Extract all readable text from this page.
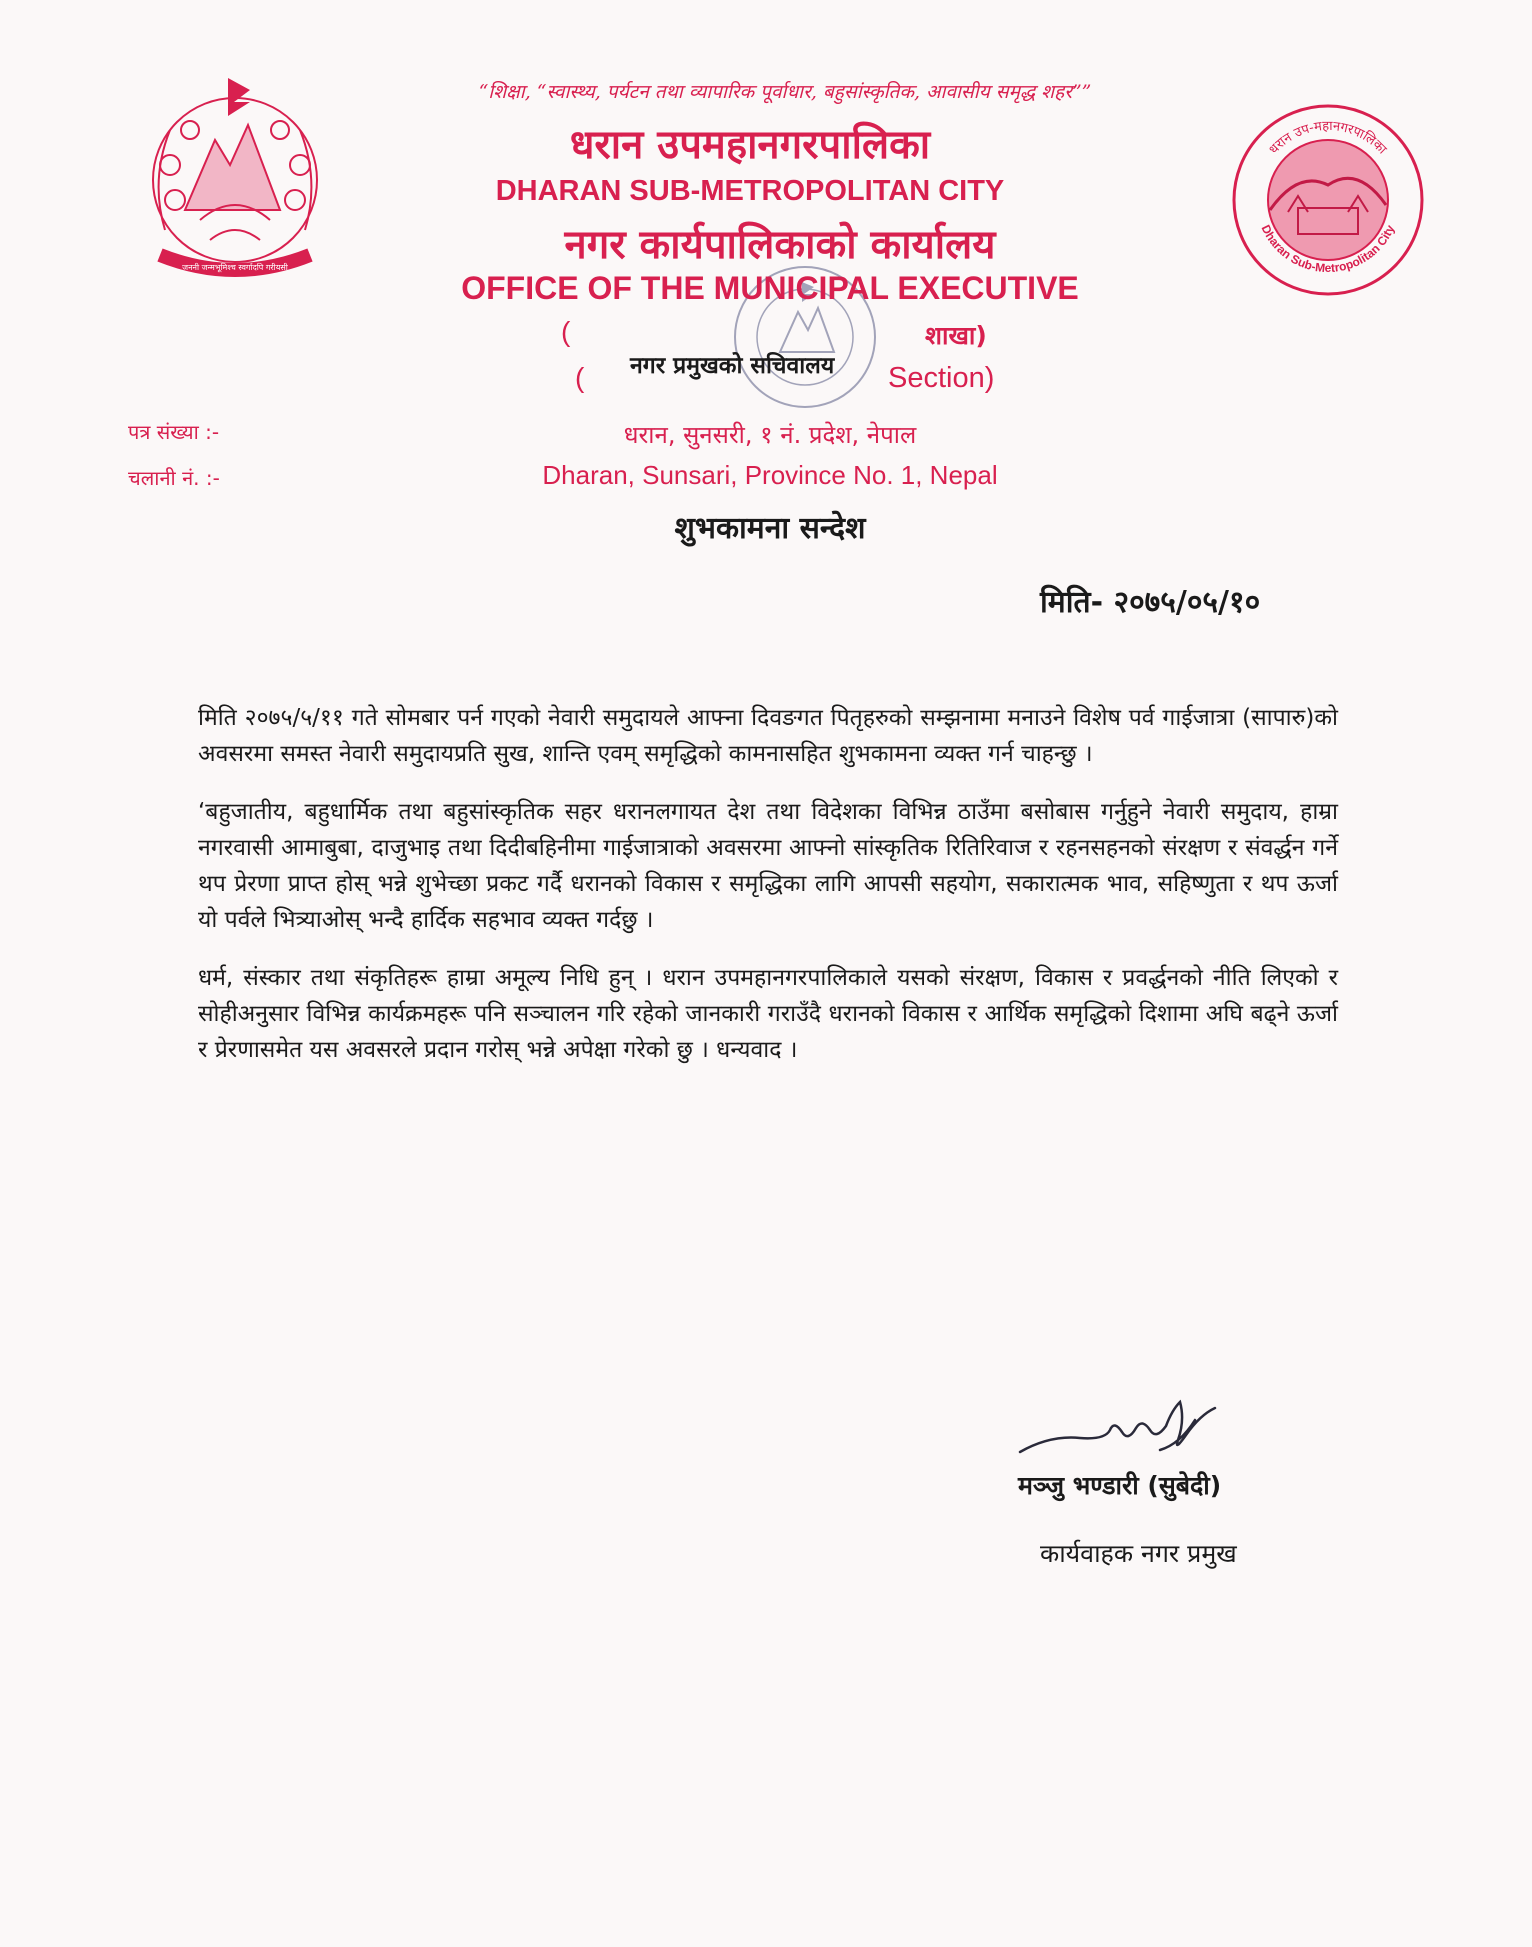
जननी जन्मभूमिश्च स्वर्गादपि गरीयसी
धरान उप-महानगरपालिका
Dharan Sub-Metropolitan City
“शिक्षा, “स्वास्थ्य, पर्यटन तथा व्यापारिक पूर्वाधार, बहुसांस्कृतिक, आवासीय समृद्ध शहर””
धरान उपमहानगरपालिका
DHARAN SUB-METROPOLITAN CITY
नगर कार्यपालिकाको कार्यालय
OFFICE OF THE MUNICIPAL EXECUTIVE
(	शाखा)
( नगर प्रमुखको सचिवालय Section)
पत्र संख्या :-
चलानी नं. :-
धरान, सुनसरी, १ नं. प्रदेश, नेपाल
Dharan, Sunsari, Province No. 1, Nepal
शुभकामना सन्देश
मिति- २०७५/०५/१०

मिति २०७५/५/११ गते सोमबार पर्न गएको नेवारी समुदायले आफ्ना दिवङगत पितृहरुको सम्झनामा मनाउने विशेष पर्व गाईजात्रा (सापारु)को अवसरमा समस्त नेवारी समुदायप्रति सुख, शान्ति एवम् समृद्धिको कामनासहित शुभकामना व्यक्त गर्न चाहन्छु ।

‘बहुजातीय, बहुधार्मिक तथा बहुसांस्कृतिक सहर धरानलगायत देश तथा विदेशका विभिन्न ठाउँमा बसोबास गर्नुहुने नेवारी समुदाय, हाम्रा नगरवासी आमाबुबा, दाजुभाइ तथा दिदीबहिनीमा गाईजात्राको अवसरमा आफ्नो सांस्कृतिक रितिरिवाज र रहनसहनको संरक्षण र संवर्द्धन गर्ने थप प्रेरणा प्राप्त होस् भन्ने शुभेच्छा प्रकट गर्दै धरानको विकास र समृद्धिका लागि आपसी सहयोग, सकारात्मक भाव, सहिष्णुता र थप ऊर्जा यो पर्वले भित्र्याओस् भन्दै हार्दिक सहभाव व्यक्त गर्दछु ।

धर्म, संस्कार तथा संकृतिहरू हाम्रा अमूल्य निधि हुन् । धरान उपमहानगरपालिकाले यसको संरक्षण, विकास र प्रवर्द्धनको नीति लिएको र सोहीअनुसार विभिन्न कार्यक्रमहरू पनि सञ्चालन गरि रहेको जानकारी गराउँदै धरानको विकास र आर्थिक समृद्धिको दिशामा अघि बढ्ने ऊर्जा र प्रेरणासमेत यस अवसरले प्रदान गरोस् भन्ने अपेक्षा गरेको छु । धन्यवाद ।

मञ्जु भण्डारी (सुबेदी)
कार्यवाहक नगर प्रमुख
